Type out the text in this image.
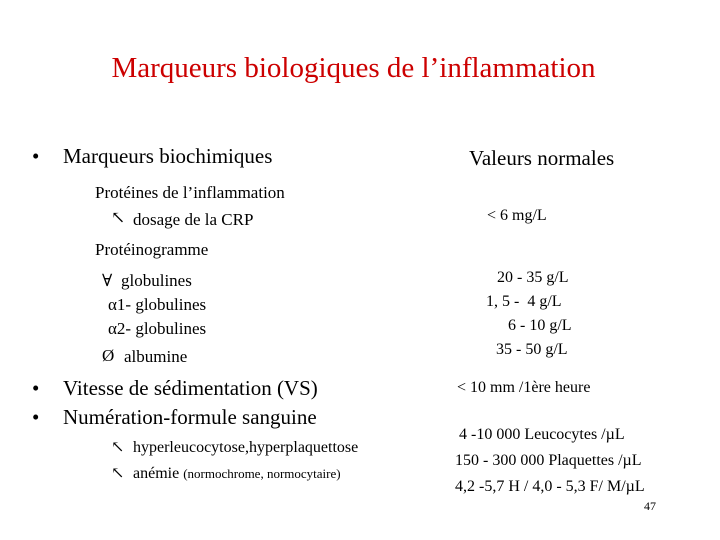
Marqueurs biologiques de l’inflammation
• Marqueurs biochimiques
Protéines de l’inflammation
↖ dosage de la CRP
Protéinogramme
∀ globulines
α1- globulines
α2- globulines
Ø albumine
• Vitesse de sédimentation (VS)
• Numération-formule sanguine
↖ hyperleucocytose,hyperplaquettose
↖ anémie (normochrome, normocytaire)
Valeurs normales
< 6 mg/L
20 - 35 g/L
1, 5 -  4 g/L
6 - 10 g/L
35 - 50 g/L
< 10 mm /1ère heure
4 -10 000 Leucocytes /µL
150 - 300 000 Plaquettes /µL
4,2 -5,7 H / 4,0 - 5,3 F/ M/µL
47
